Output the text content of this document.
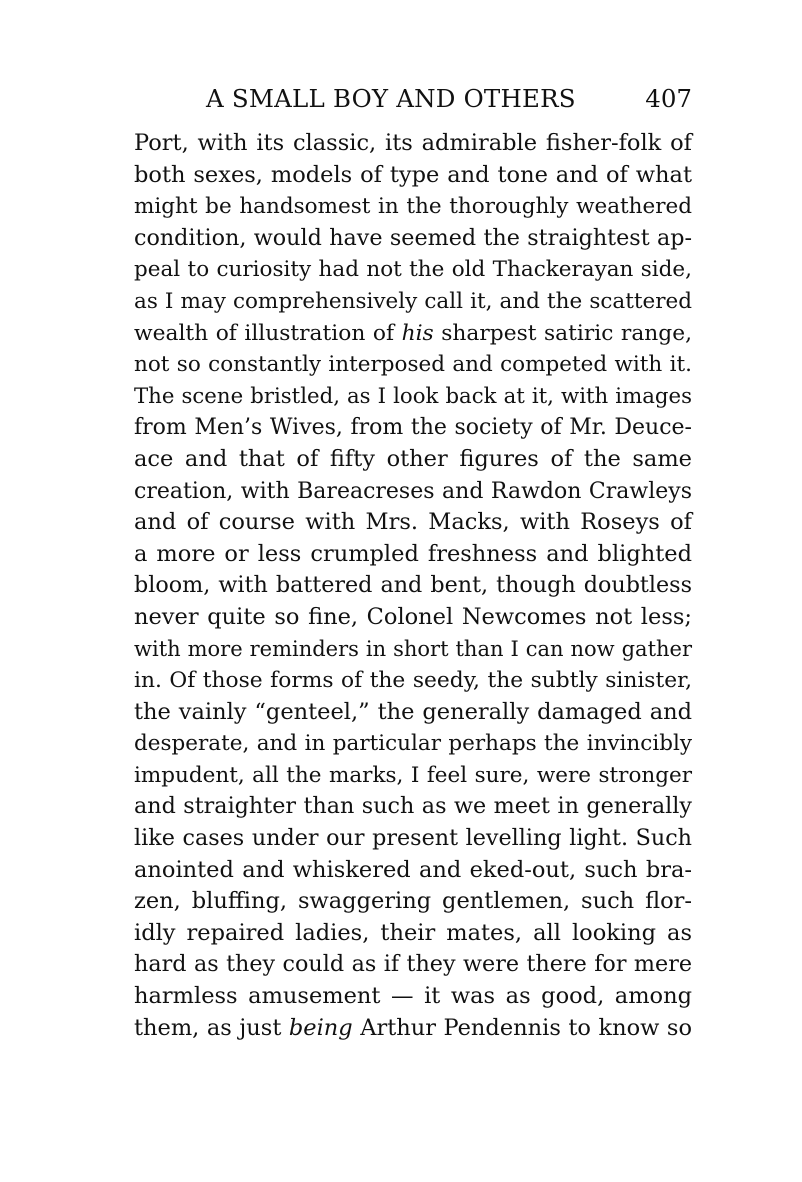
A SMALL BOY AND OTHERS	407
Port, with its classic, its admirable fisher-folk of
both sexes, models of type and tone and of what
might be handsomest in the thoroughly weathered
condition, would have seemed the straightest ap-
peal to curiosity had not the old Thackerayan side,
as I may comprehensively call it, and the scattered
wealth of illustration of his sharpest satiric range,
not so constantly interposed and competed with it.
The scene bristled, as I look back at it, with images
from Men’s Wives, from the society of Mr. Deuce-
ace and that of fifty other figures of the same
creation, with Bareacreses and Rawdon Crawleys
and of course with Mrs. Macks, with Roseys of
a more or less crumpled freshness and blighted
bloom, with battered and bent, though doubtless
never quite so fine, Colonel Newcomes not less;
with more reminders in short than I can now gather
in. Of those forms of the seedy, the subtly sinister,
the vainly “genteel,” the generally damaged and
desperate, and in particular perhaps the invincibly
impudent, all the marks, I feel sure, were stronger
and straighter than such as we meet in generally
like cases under our present levelling light. Such
anointed and whiskered and eked-out, such bra-
zen, bluffing, swaggering gentlemen, such flor-
idly repaired ladies, their mates, all looking as
hard as they could as if they were there for mere
harmless amusement — it was as good, among
them, as just being Arthur Pendennis to know so
